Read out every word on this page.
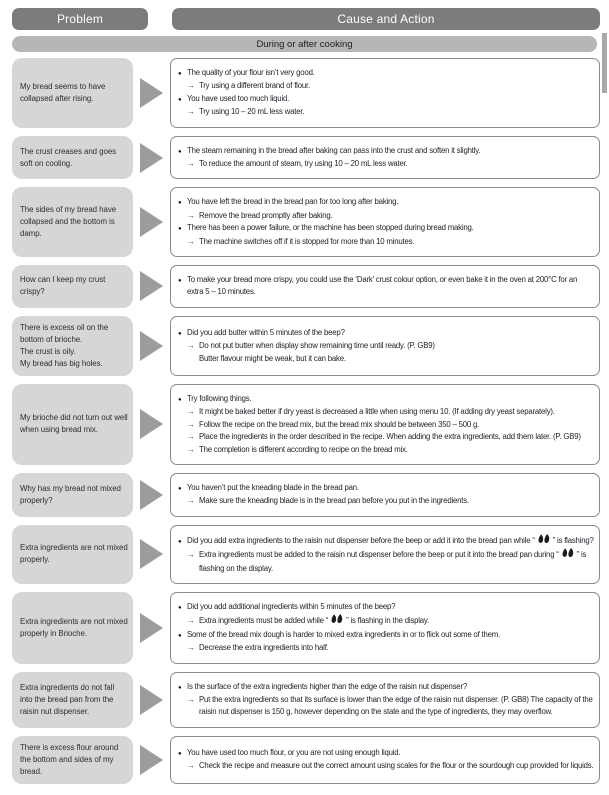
Problem	Cause and Action
During or after cooking
My bread seems to have collapsed after rising.
● The quality of your flour isn’t very good.
→ Try using a different brand of flour.
● You have used too much liquid.
→ Try using 10 – 20 mL less water.
The crust creases and goes soft on cooling.
● The steam remaining in the bread after baking can pass into the crust and soften it slightly.
→ To reduce the amount of steam, try using 10 – 20 mL less water.
The sides of my bread have collapsed and the bottom is damp.
● You have left the bread in the bread pan for too long after baking.
→ Remove the bread promptly after baking.
● There has been a power failure, or the machine has been stopped during bread making.
→ The machine switches off if it is stopped for more than 10 minutes.
How can I keep my crust crispy?
● To make your bread more crispy, you could use the ‘Dark’ crust colour option, or even bake it in the oven at 200°C for an extra 5 – 10 minutes.
There is excess oil on the bottom of brioche.
The crust is oily.
My bread has big holes.
● Did you add butter within 5 minutes of the beep?
→ Do not put butter when display show remaining time until ready. (P. GB9)
Butter flavour might be weak, but it can bake.
My brioche did not turn out well when using bread mix.
● Try following things.
→ It might be baked better if dry yeast is decreased a little when using menu 10. (If adding dry yeast separately).
→ Follow the recipe on the bread mix, but the bread mix should be between 350 – 500 g.
→ Place the ingredients in the order described in the recipe. When adding the extra ingredients, add them later. (P. GB9)
→ The completion is different according to recipe on the bread mix.
Why has my bread not mixed properly?
● You haven’t put the kneading blade in the bread pan.
→ Make sure the kneading blade is in the bread pan before you put in the ingredients.
Extra ingredients are not mixed properly.
● Did you add extra ingredients to the raisin nut dispenser before the beep or add it into the bread pan while “  ” is flashing?
→ Extra ingredients must be added to the raisin nut dispenser before the beep or put it into the bread pan during “  ” is flashing on the display.
Extra ingredients are not mixed properly in Brioche.
● Did you add additional ingredients within 5 minutes of the beep?
→ Extra ingredients must be added while “  ” is flashing in the display.
● Some of the bread mix dough is harder to mixed extra ingredients in or to flick out some of them.
→ Decrease the extra ingredients into half.
Extra ingredients do not fall into the bread pan from the raisin nut dispenser.
● Is the surface of the extra ingredients higher than the edge of the raisin nut dispenser?
→ Put the extra ingredients so that its surface is lower than the edge of the raisin nut dispenser. (P. GB8) The capacity of the raisin nut dispenser is 150 g, however depending on the state and the type of ingredients, they may overflow.
There is excess flour around the bottom and sides of my bread.
● You have used too much flour, or you are not using enough liquid.
→ Check the recipe and measure out the correct amount using scales for the flour or the sourdough cup provided for liquids.
